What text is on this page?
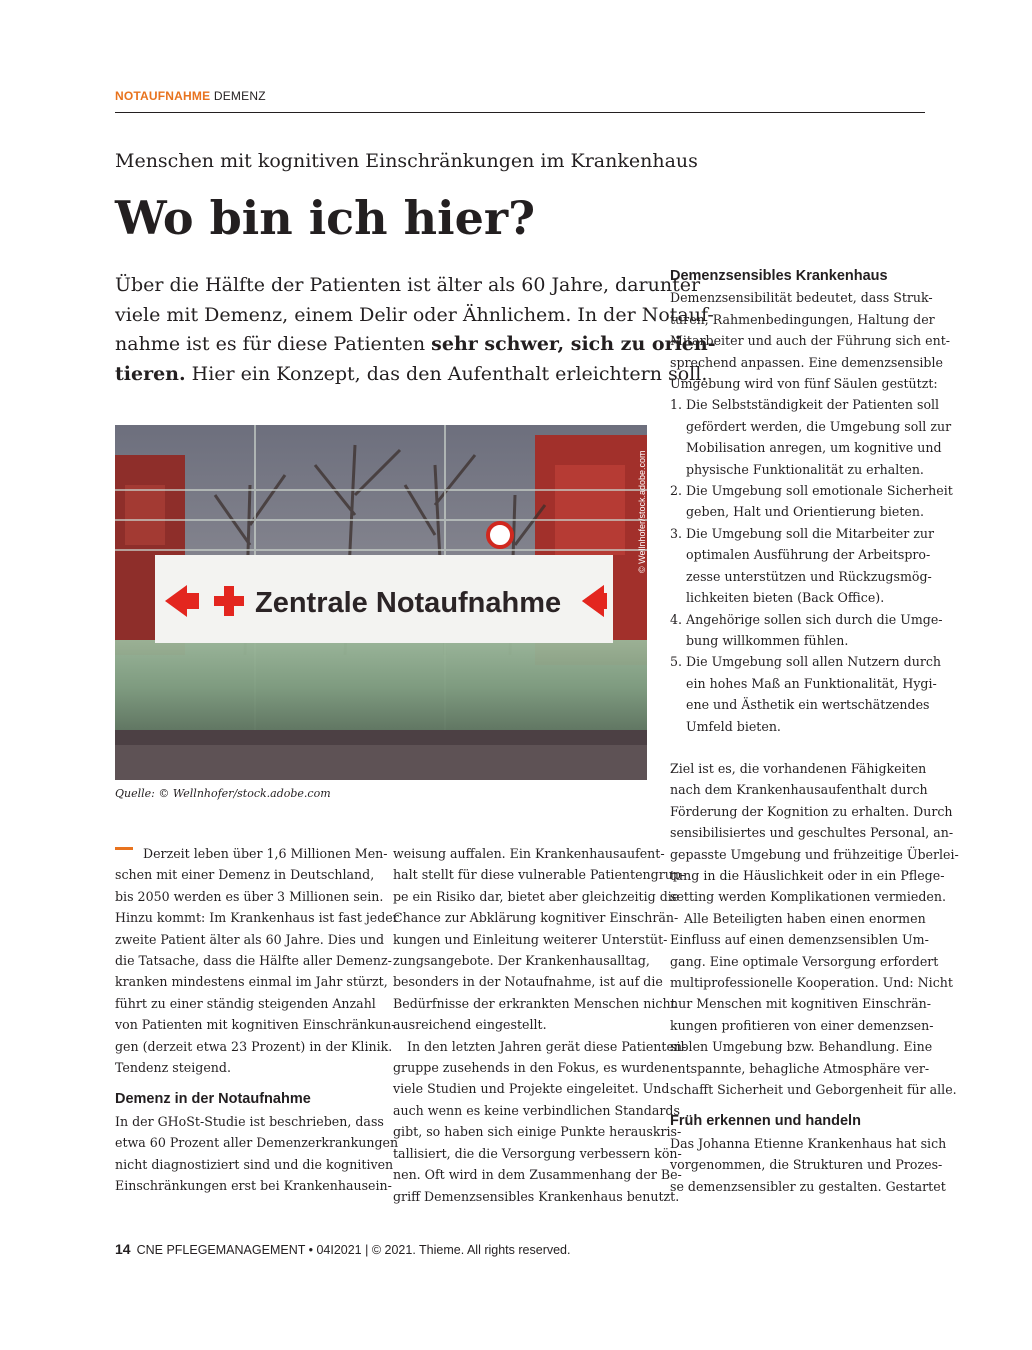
NOTAUFNAHME DEMENZ
Menschen mit kognitiven Einschränkungen im Krankenhaus
Wo bin ich hier?

Über die Hälfte der Patienten ist älter als 60 Jahre, darunter
viele mit Demenz, einem Delir oder Ähnlichem. In der Notauf-
nahme ist es für diese Patienten sehr schwer, sich zu orien-
tieren. Hier ein Konzept, das den Aufenthalt erleichtern soll.

Zentrale Notaufnahme
© Wellnhofer/stock.adobe.com
Quelle: © Wellnhofer/stock.adobe.com
Derzeit leben über 1,6 Millionen Men-
schen mit einer Demenz in Deutschland,
bis 2050 werden es über 3 Millionen sein.
Hinzu kommt: Im Krankenhaus ist fast jeder
zweite Patient älter als 60 Jahre. Dies und
die Tatsache, dass die Hälfte aller Demenz-
kranken mindestens einmal im Jahr stürzt,
führt zu einer ständig steigenden Anzahl
von Patienten mit kognitiven Einschränkun-
gen (derzeit etwa 23 Prozent) in der Klinik.
Tendenz steigend.
Demenz in der Notaufnahme
In der GHoSt-Studie ist beschrieben, dass
etwa 60 Prozent aller Demenzerkrankungen
nicht diagnostiziert sind und die kognitiven
Einschränkungen erst bei Krankenhausein-
weisung auffalen. Ein Krankenhausaufent-
halt stellt für diese vulnerable Patientengrup-
pe ein Risiko dar, bietet aber gleichzeitig die
Chance zur Abklärung kognitiver Einschrän-
kungen und Einleitung weiterer Unterstüt-
zungsangebote. Der Krankenhausalltag,
besonders in der Notaufnahme, ist auf die
Bedürfnisse der erkrankten Menschen nicht
ausreichend eingestellt.
In den letzten Jahren gerät diese Patienten-
gruppe zusehends in den Fokus, es wurden
viele Studien und Projekte eingeleitet. Und
auch wenn es keine verbindlichen Standards
gibt, so haben sich einige Punkte herauskris-
tallisiert, die die Versorgung verbessern kön-
nen. Oft wird in dem Zusammenhang der Be-
griff Demenzsensibles Krankenhaus benutzt.
Demenzsensibles Krankenhaus
Demenzsensibilität bedeutet, dass Struk-
turen, Rahmenbedingungen, Haltung der
Mitarbeiter und auch der Führung sich ent-
sprechend anpassen. Eine demenzsensible
Umgebung wird von fünf Säulen gestützt:
1. Die Selbstständigkeit der Patienten soll
gefördert werden, die Umgebung soll zur
Mobilisation anregen, um kognitive und
physische Funktionalität zu erhalten.
2. Die Umgebung soll emotionale Sicherheit
geben, Halt und Orientierung bieten.
3. Die Umgebung soll die Mitarbeiter zur
optimalen Ausführung der Arbeitspro-
zesse unterstützen und Rückzugsmög-
lichkeiten bieten (Back Office).
4. Angehörige sollen sich durch die Umge-
bung willkommen fühlen.
5. Die Umgebung soll allen Nutzern durch
ein hohes Maß an Funktionalität, Hygi-
ene und Ästhetik ein wertschätzendes
Umfeld bieten.
Ziel ist es, die vorhandenen Fähigkeiten
nach dem Krankenhausaufenthalt durch
Förderung der Kognition zu erhalten. Durch
sensibilisiertes und geschultes Personal, an-
gepasste Umgebung und frühzeitige Überlei-
tung in die Häuslichkeit oder in ein Pflege-
setting werden Komplikationen vermieden.
Alle Beteiligten haben einen enormen
Einfluss auf einen demenzsensiblen Um-
gang. Eine optimale Versorgung erfordert
multiprofessionelle Kooperation. Und: Nicht
nur Menschen mit kognitiven Einschrän-
kungen profitieren von einer demenzsen-
siblen Umgebung bzw. Behandlung. Eine
entspannte, behagliche Atmosphäre ver-
schafft Sicherheit und Geborgenheit für alle.
Früh erkennen und handeln
Das Johanna Etienne Krankenhaus hat sich
vorgenommen, die Strukturen und Prozes-
se demenzsensibler zu gestalten. Gestartet
14 CNE PFLEGEMANAGEMENT • 04I2021 | © 2021. Thieme. All rights reserved.
